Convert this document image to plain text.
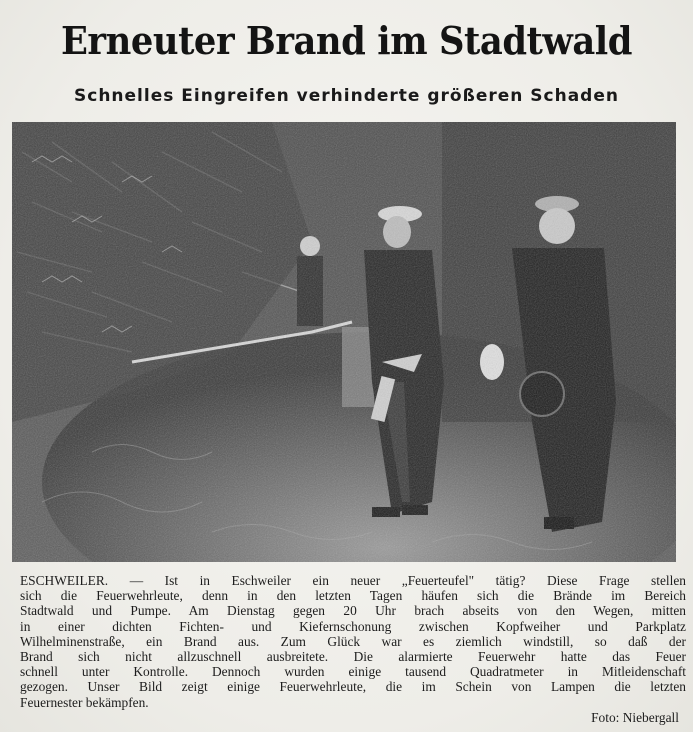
Erneuter Brand im Stadtwald
Schnelles Eingreifen verhinderte größeren Schaden
ESCHWEILER. — Ist in Eschweiler ein neuer „Feuerteufel" tätig? Diese Frage stellen
sich die Feuerwehrleute, denn in den letzten Tagen häufen sich die Brände im Bereich
Stadtwald und Pumpe. Am Dienstag gegen 20 Uhr brach abseits von den Wegen, mitten
in einer dichten Fichten- und Kiefernschonung zwischen Kopfweiher und Parkplatz
Wilhelminenstraße, ein Brand aus. Zum Glück war es ziemlich windstill, so daß der
Brand sich nicht allzuschnell ausbreitete. Die alarmierte Feuerwehr hatte das Feuer
schnell unter Kontrolle. Dennoch wurden einige tausend Quadratmeter in Mitleidenschaft
gezogen. Unser Bild zeigt einige Feuerwehrleute, die im Schein von Lampen die letzten
Feuernester bekämpfen.
Foto: Niebergall
